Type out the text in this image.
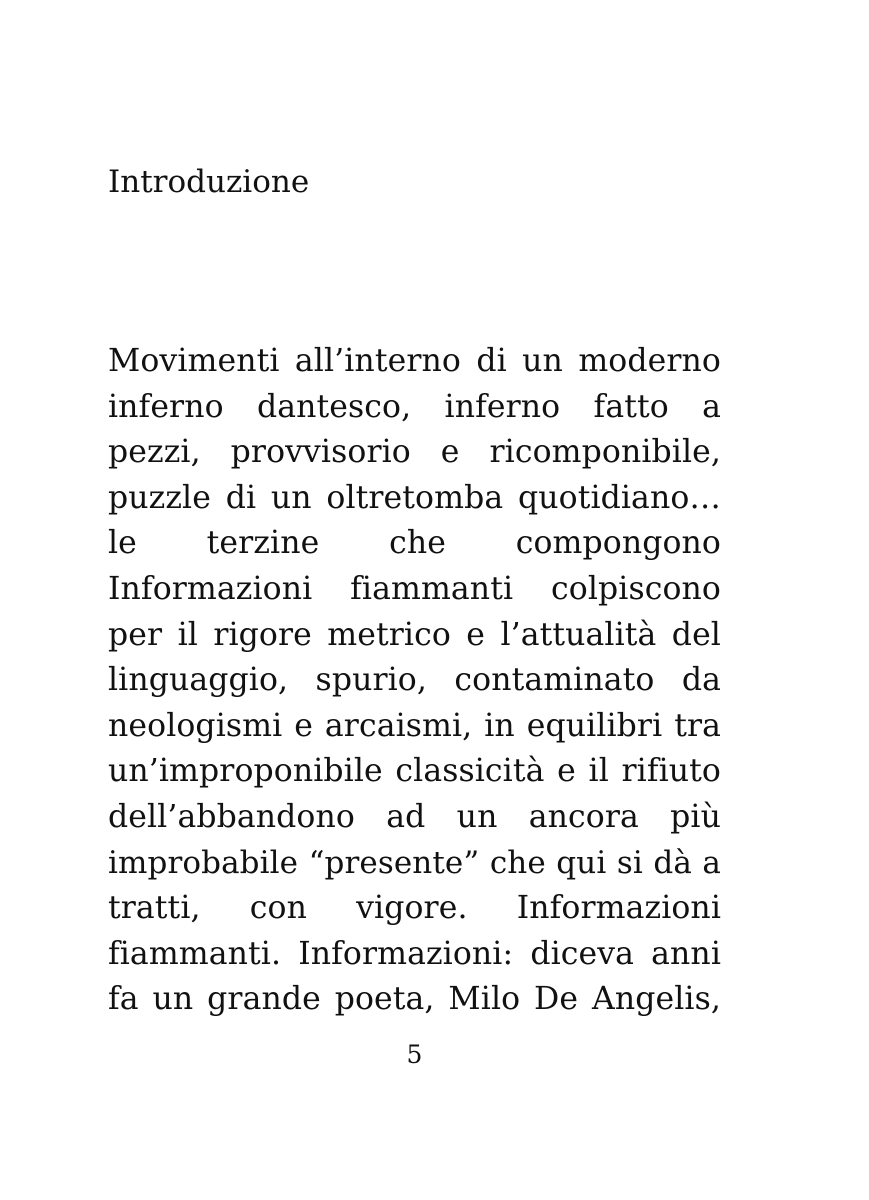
Introduzione
Movimenti all’interno di un moderno
inferno dantesco, inferno fatto a
pezzi, provvisorio e ricomponibile,
puzzle di un oltretomba quotidiano…
le terzine che compongono
Informazioni fiammanti colpiscono
per il rigore metrico e l’attualità del
linguaggio, spurio, contaminato da
neologismi e arcaismi, in equilibri tra
un’improponibile classicità e il rifiuto
dell’abbandono ad un ancora più
improbabile “presente” che qui si dà a
tratti, con vigore. Informazioni
fiammanti. Informazioni: diceva anni
fa un grande poeta, Milo De Angelis,
5
